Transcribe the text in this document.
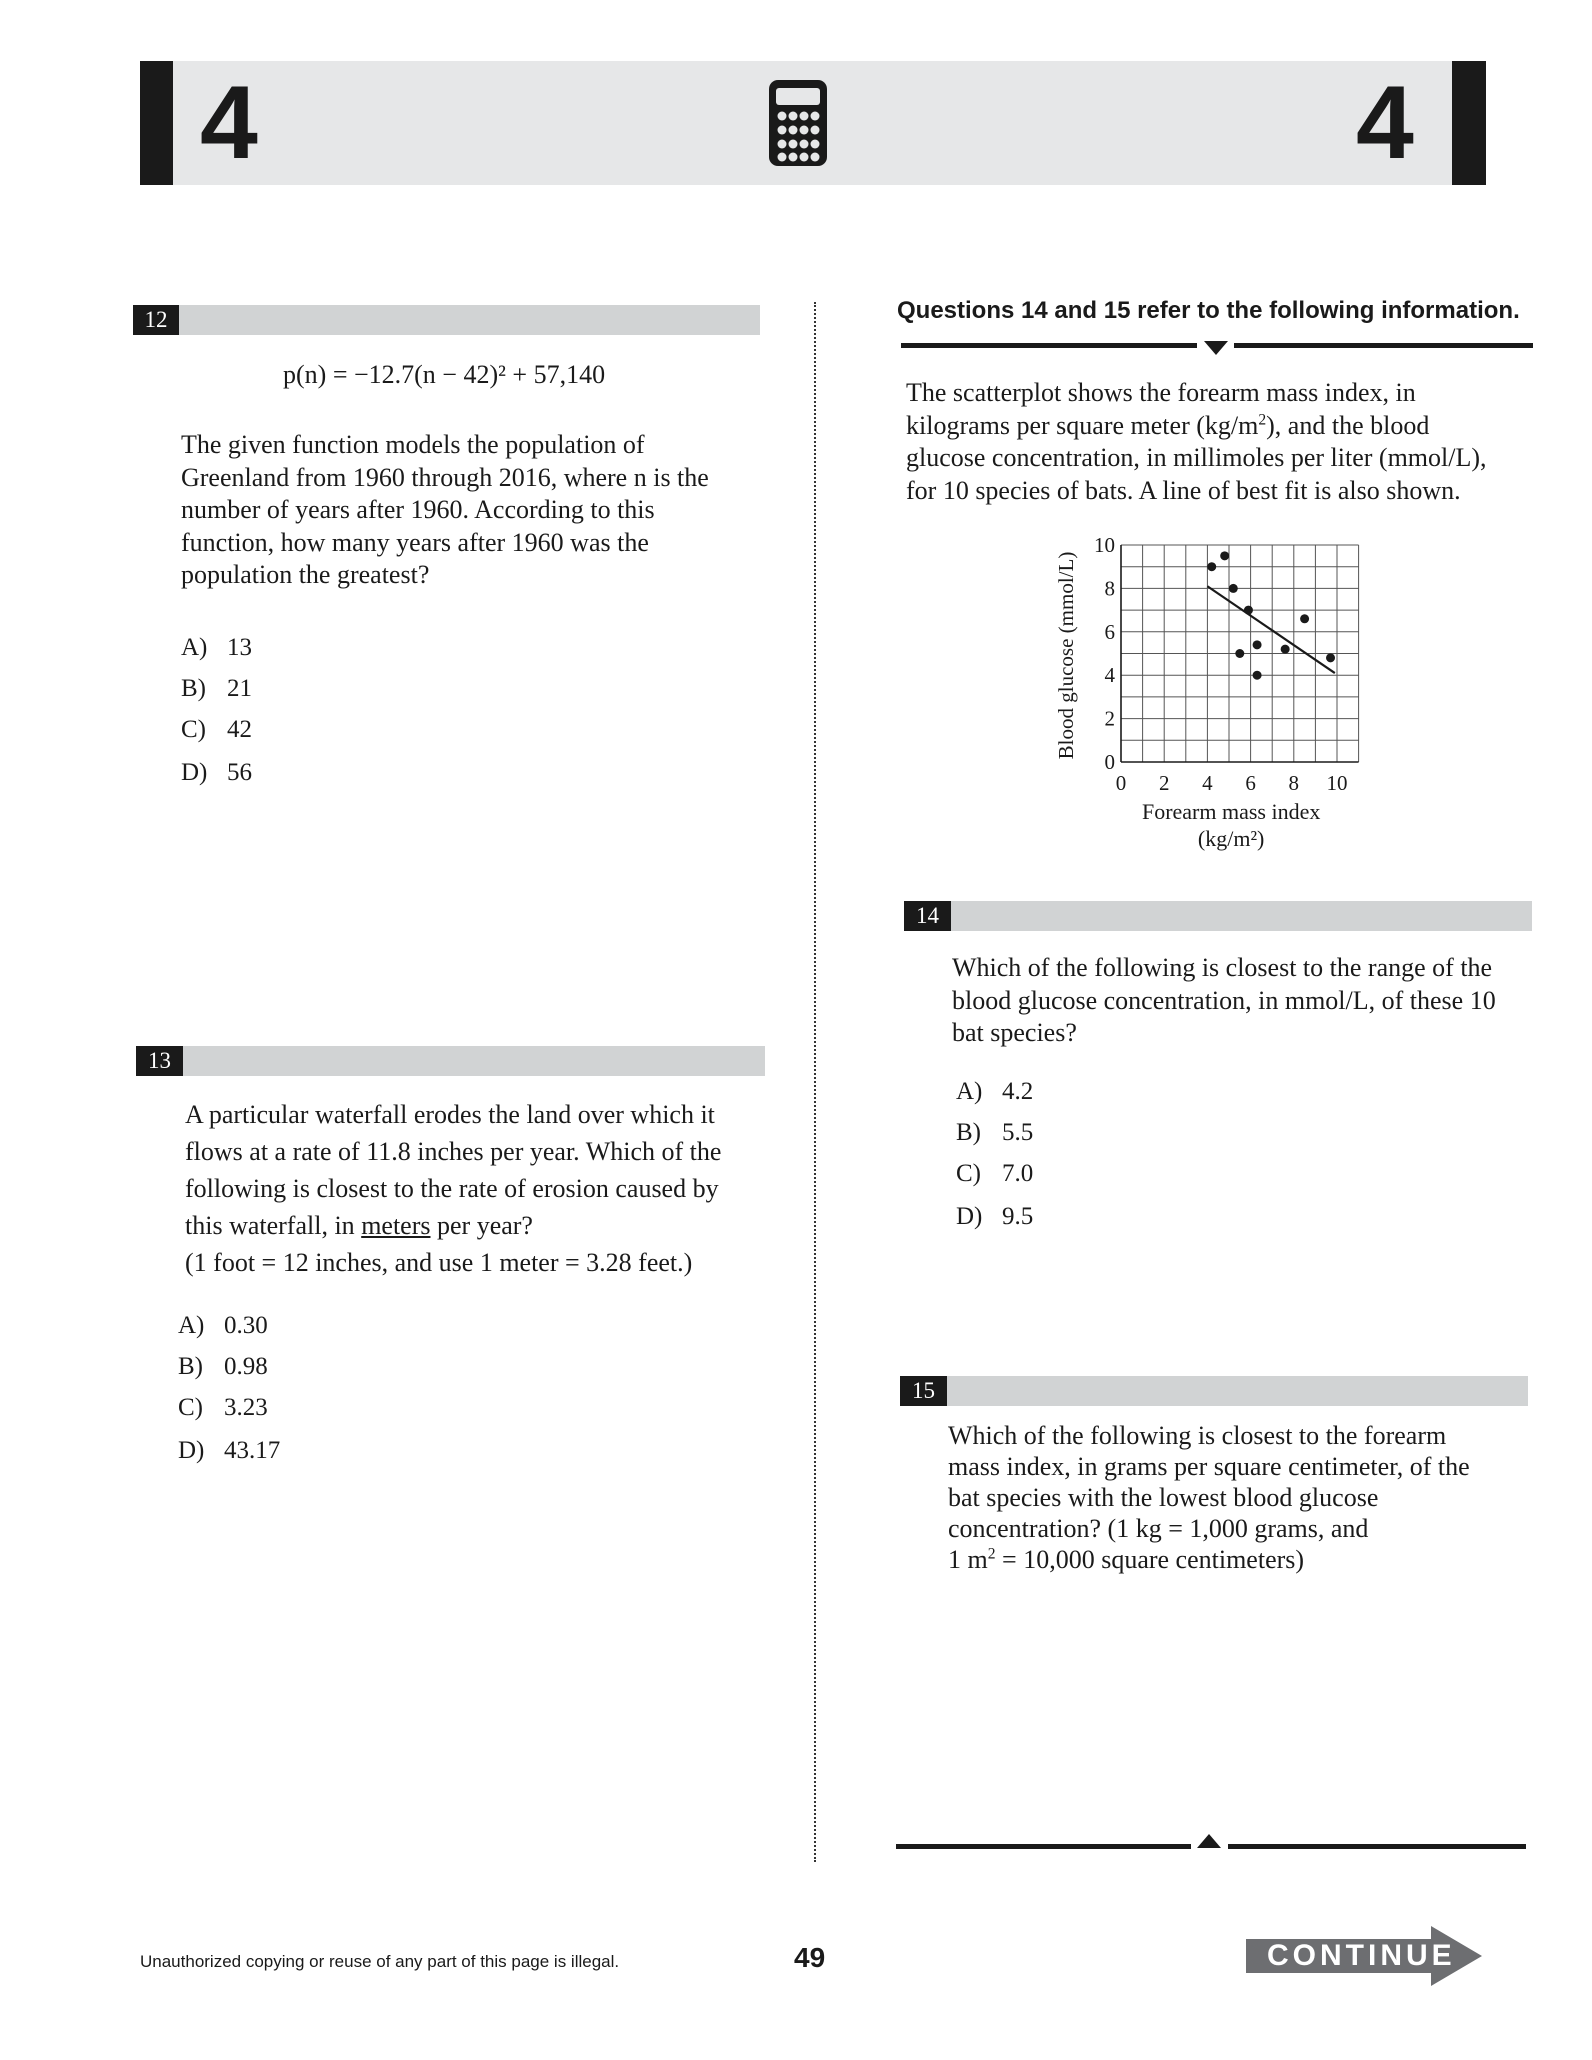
4	4
12
p(n) = −12.7(n − 42)² + 57,140
The given function models the population of
Greenland from 1960 through 2016, where n is the
number of years after 1960. According to this
function, how many years after 1960 was the
population the greatest?
A) 13
B) 21
C) 42
D) 56
13
A particular waterfall erodes the land over which it
flows at a rate of 11.8 inches per year. Which of the
following is closest to the rate of erosion caused by
this waterfall, in meters per year?
(1 foot = 12 inches, and use 1 meter = 3.28 feet.)
A) 0.30
B) 0.98
C) 3.23
D) 43.17
Questions 14 and 15 refer to the following information.
The scatterplot shows the forearm mass index, in
kilograms per square meter $(kg/m^2)$, and the blood
glucose concentration, in millimoles per liter (mmol/L),
for 10 species of bats. A line of best fit is also shown.
0 2 4 6 8 10
0
2
4
6
8
10
Blood glucose (mmol/L)
Forearm mass index
(kg/m²)
14
Which of the following is closest to the range of the
blood glucose concentration, in mmol/L, of these 10
bat species?
A) 4.2
B) 5.5
C) 7.0
D) 9.5
15
Which of the following is closest to the forearm
mass index, in grams per square centimeter, of the
bat species with the lowest blood glucose
concentration? (1 kg = 1,000 grams, and
1 $m^2 = 10,000$ square centimeters)
Unauthorized copying or reuse of any part of this page is illegal.	49	CONTINUE
